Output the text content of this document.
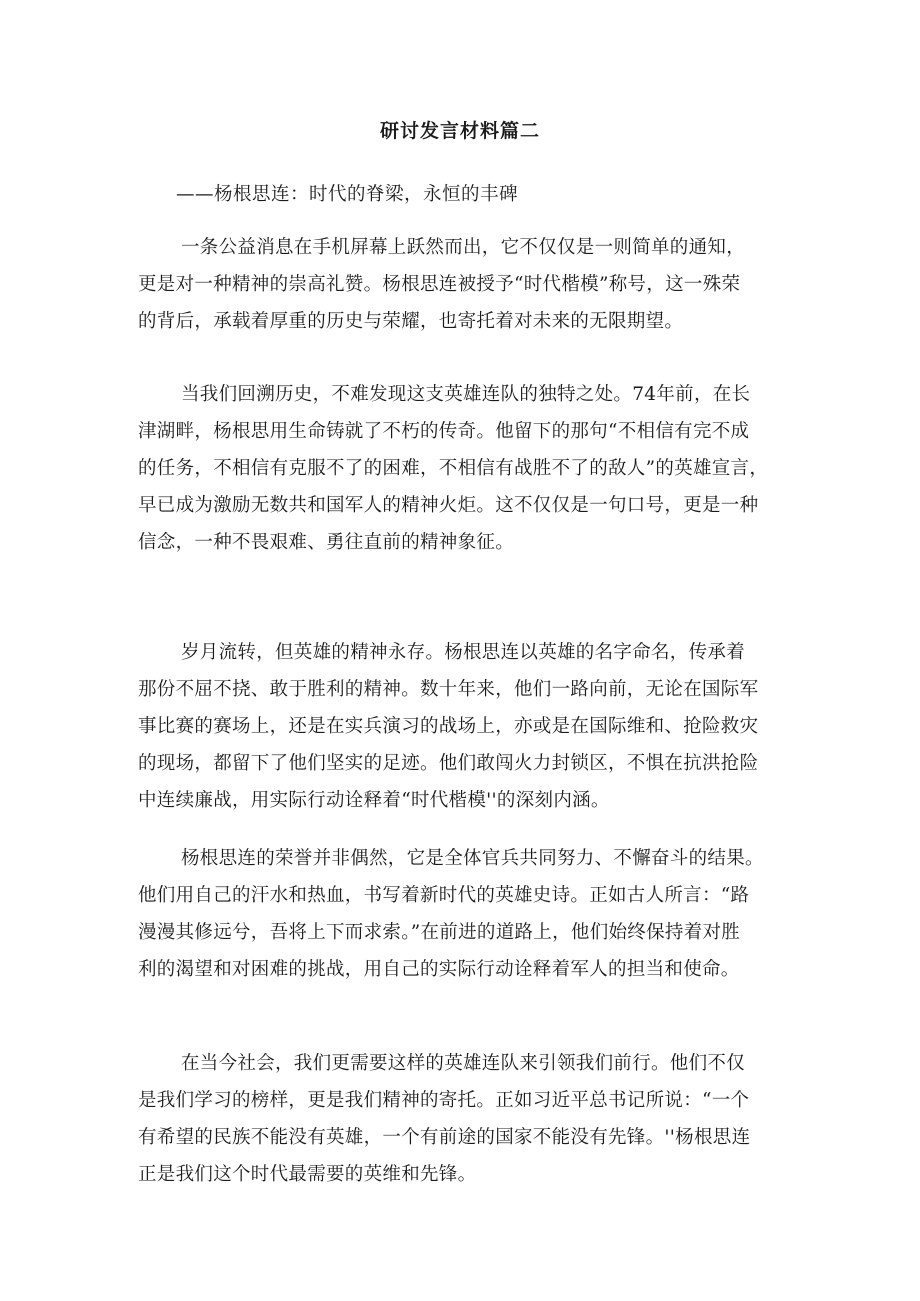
研讨发言材料篇二
——杨根思连：时代的脊梁，永恒的丰碑
一条公益消息在手机屏幕上跃然而出，它不仅仅是一则简单的通知，
更是对一种精神的崇高礼赞。杨根思连被授予“时代楷模”称号，这一殊荣
的背后，承载着厚重的历史与荣耀，也寄托着对未来的无限期望。
当我们回溯历史，不难发现这支英雄连队的独特之处。74年前，在长
津湖畔，杨根思用生命铸就了不朽的传奇。他留下的那句“不相信有完不成
的任务，不相信有克服不了的困难，不相信有战胜不了的敌人”的英雄宣言，
早已成为激励无数共和国军人的精神火炬。这不仅仅是一句口号，更是一种
信念，一种不畏艰难、勇往直前的精神象征。
岁月流转，但英雄的精神永存。杨根思连以英雄的名字命名，传承着
那份不屈不挠、敢于胜利的精神。数十年来，他们一路向前，无论在国际军
事比赛的赛场上，还是在实兵演习的战场上，亦或是在国际维和、抢险救灾
的现场，都留下了他们坚实的足迹。他们敢闯火力封锁区，不惧在抗洪抢险
中连续廉战，用实际行动诠释着“时代楷模''的深刻内涵。
杨根思连的荣誉并非偶然，它是全体官兵共同努力、不懈奋斗的结果。
他们用自己的汗水和热血，书写着新时代的英雄史诗。正如古人所言：“路
漫漫其修远兮，吾将上下而求索。”在前进的道路上，他们始终保持着对胜
利的渴望和对困难的挑战，用自己的实际行动诠释着军人的担当和使命。
在当今社会，我们更需要这样的英雄连队来引领我们前行。他们不仅
是我们学习的榜样，更是我们精神的寄托。正如习近平总书记所说：“一个
有希望的民族不能没有英雄，一个有前途的国家不能没有先锋。''杨根思连
正是我们这个时代最需要的英维和先锋。
